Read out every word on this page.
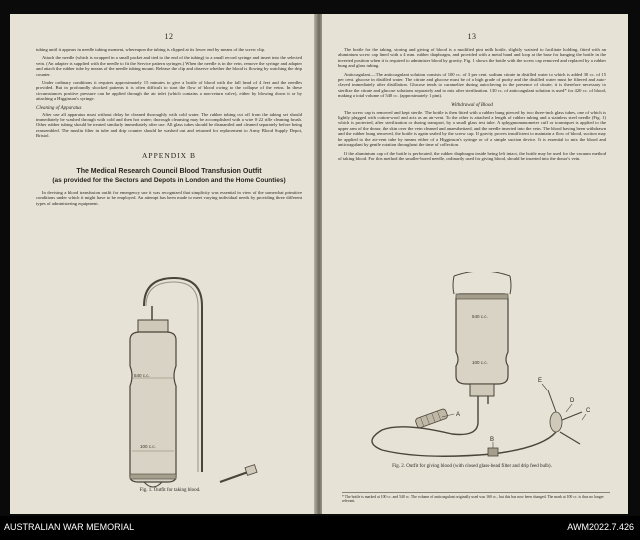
12

tubing until it appears in needle tubing moment, whereupon the tubing is clipped at its lower end by means of the screw clip.

Attach the needle (which is wrapped in a small packet and tied to the end of the tubing) to a small record syringe and insert into the selected vein. (An adapter is supplied with the needle to fit the Service pattern syringes.) When the needle is in the vein, remove the syringe and adapter and attach the rubber tube by means of the needle tubing mount. Release the clip and observe whether the blood is flowing by watching the drip counter.

Under ordinary conditions it requires approximately 15 minutes to give a bottle of blood with the fall head of 4 feet and the needles provided. But in profoundly shocked patients it is often difficult to start the flow of blood owing to the collapse of the veins. In these circumstances positive pressure can be applied through the air inlet (which contains a non-return valve), either by blowing down it or by attaching a Higginson's syringe.

Cleaning of Apparatus

After use all apparatus must without delay be cleaned thoroughly with cold water. The rubber tubing cut off from the taking set should immediately be washed through with cold and then hot water; thorough cleansing may be accomplished with a wire 0·22 rifle cleaning brush. Other rubber tubing should be treated similarly immediately after use. All glass tubes should be dismantled and cleaned separately before being reassembled. The muslin filter in tube and drip counter should be washed out and returned for replacement to Army Blood Supply Depot, Bristol.

APPENDIX B
The Medical Research Council Blood Transfusion Outfit
(as provided for the Sectors and Depots in London and the Home Counties)

In devising a blood transfusion outfit for emergency use it was recognized that simplicity was essential in view of the somewhat primitive conditions under which it might have to be employed. An attempt has been made to meet varying individual needs by providing three different types of administering equipment.

540 c.c.
100 c.c.
Fig. 1. Outfit for taking blood.
13

The bottle for the taking, storing and giving of blood is a modified pint milk bottle, slightly waisted to facilitate holding, fitted with an aluminium screw cap lined with a 4 mm. rubber diaphragm, and provided with a metal band and loop at the base for hanging the bottle in the inverted position when it is required to administer blood by gravity. Fig. 1 shows the bottle with the screw cap removed and replaced by a rubber bung and glass tubing.

Anticoagulant.—The anticoagulant solution consists of 100 cc. of 3 per cent. sodium citrate in distilled water to which is added 30 cc. of 15 per cent. glucose in distilled water. The citrate and glucose must be of a high grade of purity and the distilled water must be filtered and auto-claved immediately after distillation. Glucose tends to caramelize during autoclaving in the presence of citrate; it is therefore necessary to sterilize the citrate and glucose solutions separately and to mix after sterilization. 130 cc. of anticoagulant solution is used* for 420 cc. of blood, making a total volume of 540 cc. (approximately 1 pint).

Withdrawal of Blood

The screw cap is removed and kept sterile. The bottle is then fitted with a rubber bung pierced by two three-inch glass tubes, one of which is lightly plugged with cotton-wool and acts as an air-vent. To the other is attached a length of rubber tubing and a stainless steel needle (Fig. 1) which is protected, after sterilization or during transport, by a small glass test tube. A sphygmomanometer cuff or tourniquet is applied to the upper arm of the donor, the skin over the vein cleaned and anaesthetized, and the needle inserted into the vein. The blood having been withdrawn and the rubber bung removed, the bottle is again sealed by the screw cap. If gravity proves insufficient to maintain a flow of blood, suction may be applied to the air-vent tube by means either of a Higginson's syringe or of a simple suction device. It is essential to mix the blood and anticoagulant by gentle rotation throughout the time of collection.

If the aluminium cap of the bottle is perforated, the rubber diaphragm inside being left intact, the bottle may be used for the vacuum method of taking blood. For this method the smaller-bored needle, ordinarily used for giving blood, should be inserted into the donor's vein.

540 c.c.
100 c.c.
A
B
E
D
C
Fig. 2. Outfit for giving blood (with closed glass-bead filter and drip feed bulb).
* The bottle is marked at 100 cc. and 540 cc. The volume of anticoagulant originally used was 160 cc., but this has now been changed. The mark at 100 cc. is thus no longer relevant.
AUSTRALIAN WAR MEMORIAL	AWM2022.7.426
